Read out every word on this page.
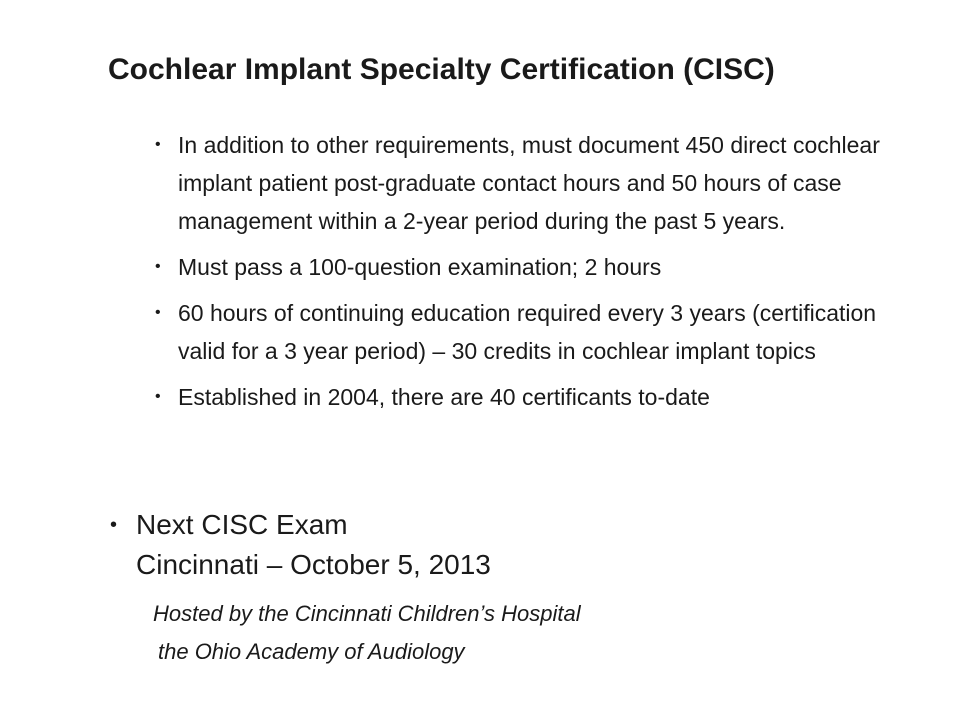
Cochlear Implant Specialty Certification (CISC)
• In addition to other requirements, must document 450 direct cochlear implant patient post-graduate contact hours and 50 hours of case management within a 2-year period during the past 5 years.
• Must pass a 100-question examination; 2 hours
• 60 hours of continuing education required every 3 years (certification valid for a 3 year period) – 30 credits in cochlear implant topics
• Established in 2004, there are 40 certificants to-date
• Next CISC Exam
Cincinnati – October 5, 2013
Hosted by the Cincinnati Children’s Hospital
the Ohio Academy of Audiology
